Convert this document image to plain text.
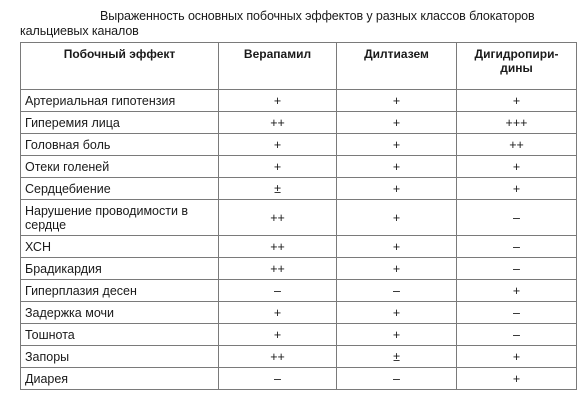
Выраженность основных побочных эффектов у разных классов блокаторов
кальциевых каналов
Побочный эффект	Верапамил	Дилтиазем	Дигидропири-
дины
Артериальная гипотензия	+	+	+
Гиперемия лица	++	+	+++
Головная боль	+	+	++
Отеки голеней	+	+	+
Сердцебиение	±	+	+
Нарушение проводимости в сердце	++	+	–
ХСН	++	+	–
Брадикардия	++	+	–
Гиперплазия десен	–	–	+
Задержка мочи	+	+	–
Тошнота	+	+	–
Запоры	++	±	+
Диарея	–	–	+
